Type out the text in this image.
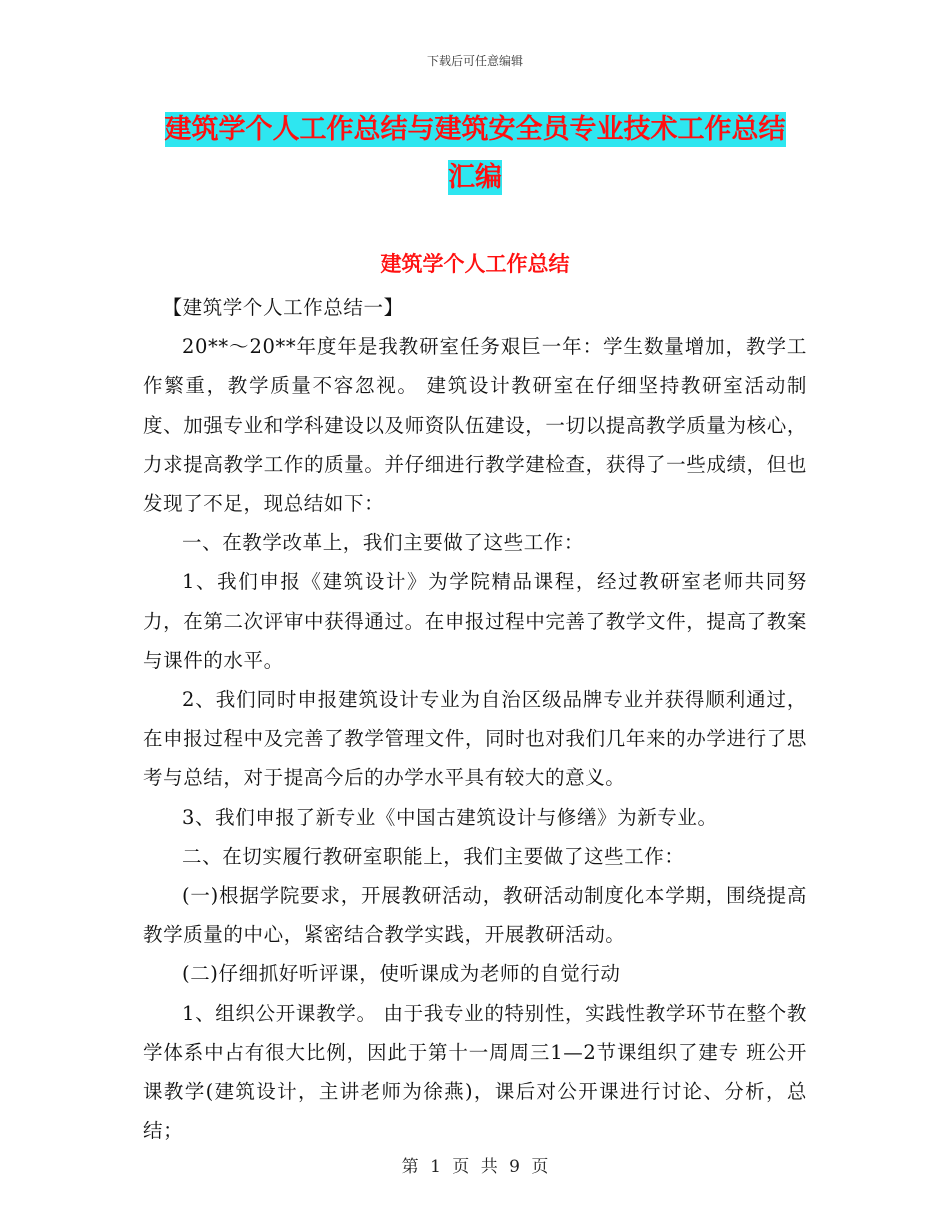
下载后可任意编辑
建筑学个人工作总结与建筑安全员专业技术工作总结
汇编
建筑学个人工作总结

【建筑学个人工作总结一】

20**～20**年度年是我教研室任务艰巨一年：学生数量增加，教学工作繁重，教学质量不容忽视。 建筑设计教研室在仔细坚持教研室活动制度、加强专业和学科建设以及师资队伍建设，一切以提高教学质量为核心，力求提高教学工作的质量。并仔细进行教学建检查，获得了一些成绩，但也发现了不足，现总结如下：

一、在教学改革上，我们主要做了这些工作：

1、我们申报《建筑设计》为学院精品课程，经过教研室老师共同努力，在第二次评审中获得通过。在申报过程中完善了教学文件，提高了教案与课件的水平。

2、我们同时申报建筑设计专业为自治区级品牌专业并获得顺利通过，在申报过程中及完善了教学管理文件，同时也对我们几年来的办学进行了思考与总结，对于提高今后的办学水平具有较大的意义。

3、我们申报了新专业《中国古建筑设计与修缮》为新专业。

二、在切实履行教研室职能上，我们主要做了这些工作：

(一)根据学院要求，开展教研活动，教研活动制度化本学期，围绕提高教学质量的中心，紧密结合教学实践，开展教研活动。

(二)仔细抓好听评课，使听课成为老师的自觉行动

1、组织公开课教学。 由于我专业的特别性，实践性教学环节在整个教学体系中占有很大比例，因此于第十一周周三1—2节课组织了建专 班公开课教学(建筑设计，主讲老师为徐燕)，课后对公开课进行讨论、分析，总结；

第 1 页 共 9 页
